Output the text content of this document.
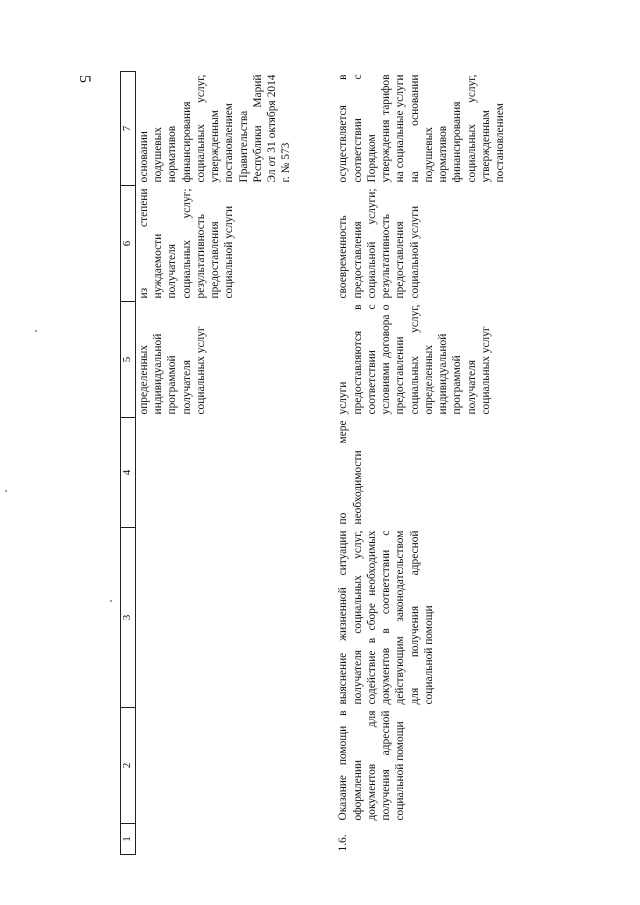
5
1	2	3	4	5	6	7
				определенных индивидуальной программой получателя социальных услуг	из степени нуждаемости получателя социальных услуг; результативность предоставления социальной услуги	основании подушевых нормативов финансирования социальных услуг, утвержденным постановлением Правительства Республики Марий Эл от 31 октября 2014 г. № 573
1.6.	Оказание помощи в оформлении документов для получения адресной социальной помощи	выяснение жизненной ситуации получателя социальных услуг, содействие в сборе необходимых документов в соответствии с действующим законодательством для получения адресной социальной помощи	по мере необходимости	услуги предоставляются в соответствии с условиями договора о предоставлении социальных услуг, определенных индивидуальной программой получателя социальных услуг	своевременность предоставления социальной услуги; результативность предоставления социальной услуги	осуществляется в соответствии с Порядком утверждения тарифов на социальные услуги на основании подушевых нормативов финансирования социальных услуг, утвержденным постановлением
